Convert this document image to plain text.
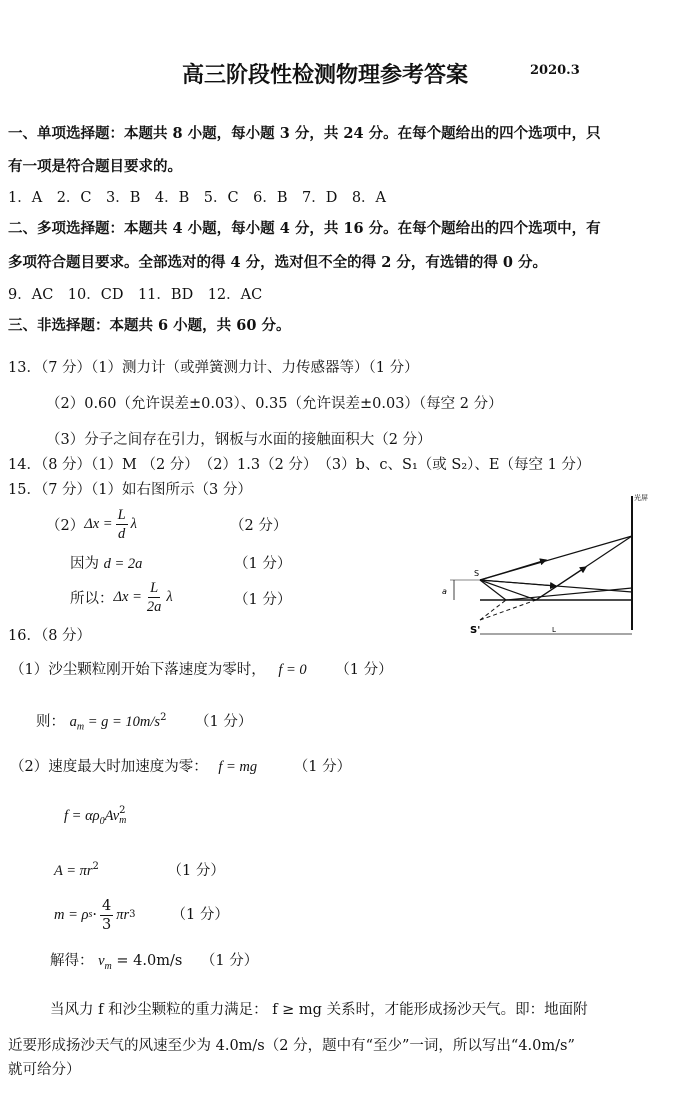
高三阶段性检测物理参考答案	2020.3
一、单项选择题：本题共 8 小题，每小题 3 分，共 24 分。在每个题给出的四个选项中，只
有一项是符合题目要求的。
1．A　2．C　3．B　4．B　5．C　6．B　7．D　8．A
二、多项选择题：本题共 4 小题，每小题 4 分，共 16 分。在每个题给出的四个选项中，有
多项符合题目要求。全部选对的得 4 分，选对但不全的得 2 分，有选错的得 0 分。
9．AC　10．CD　11．BD　12．AC
三、非选择题：本题共 6 小题，共 60 分。
13．（7 分）（1）测力计（或弹簧测力计、力传感器等）（1 分）
（2）0.60（允许误差±0.03）、0.35（允许误差±0.03）（每空 2 分）
（3）分子之间存在引力，钢板与水面的接触面积大（2 分）
14．（8 分）（1）M （2 分）　（2）1.3（2 分）　（3）b、c、S₁（或 S₂）、E（每空 1 分）
15．（7 分）（1）如右图所示（3 分）
（2） $\Delta x = \frac{L}{d}$ λ	（2 分）
因为 d = 2a	（1 分）
所以： $\Delta x = \frac{L}{2a}$ λ	（1 分）
光屏
a
S
S'	L
16．（8 分）
（1）沙尘颗粒刚开始下落速度为零时， f = 0 （1 分）
则： $a_m = g = 10m/s^2$ （1 分）
（2）速度最大时加速度为零： f = mg	（1 分）
$f = \alpha\rho_0Av$ 2
m
$A = \pi r^2$	（1 分）
m = ρ $s \cdot \frac{4}{3}$ πr 3 （1 分）
解得： $v_m = 4.0m/s$ （1 分）
当风力 f 和沙尘颗粒的重力满足： f ≥ mg 关系时，才能形成扬沙天气。即：地面附
近要形成扬沙天气的风速至少为 4.0m/s（2 分，题中有“至少”一词，所以写出“4.0m/s”
就可给分）
